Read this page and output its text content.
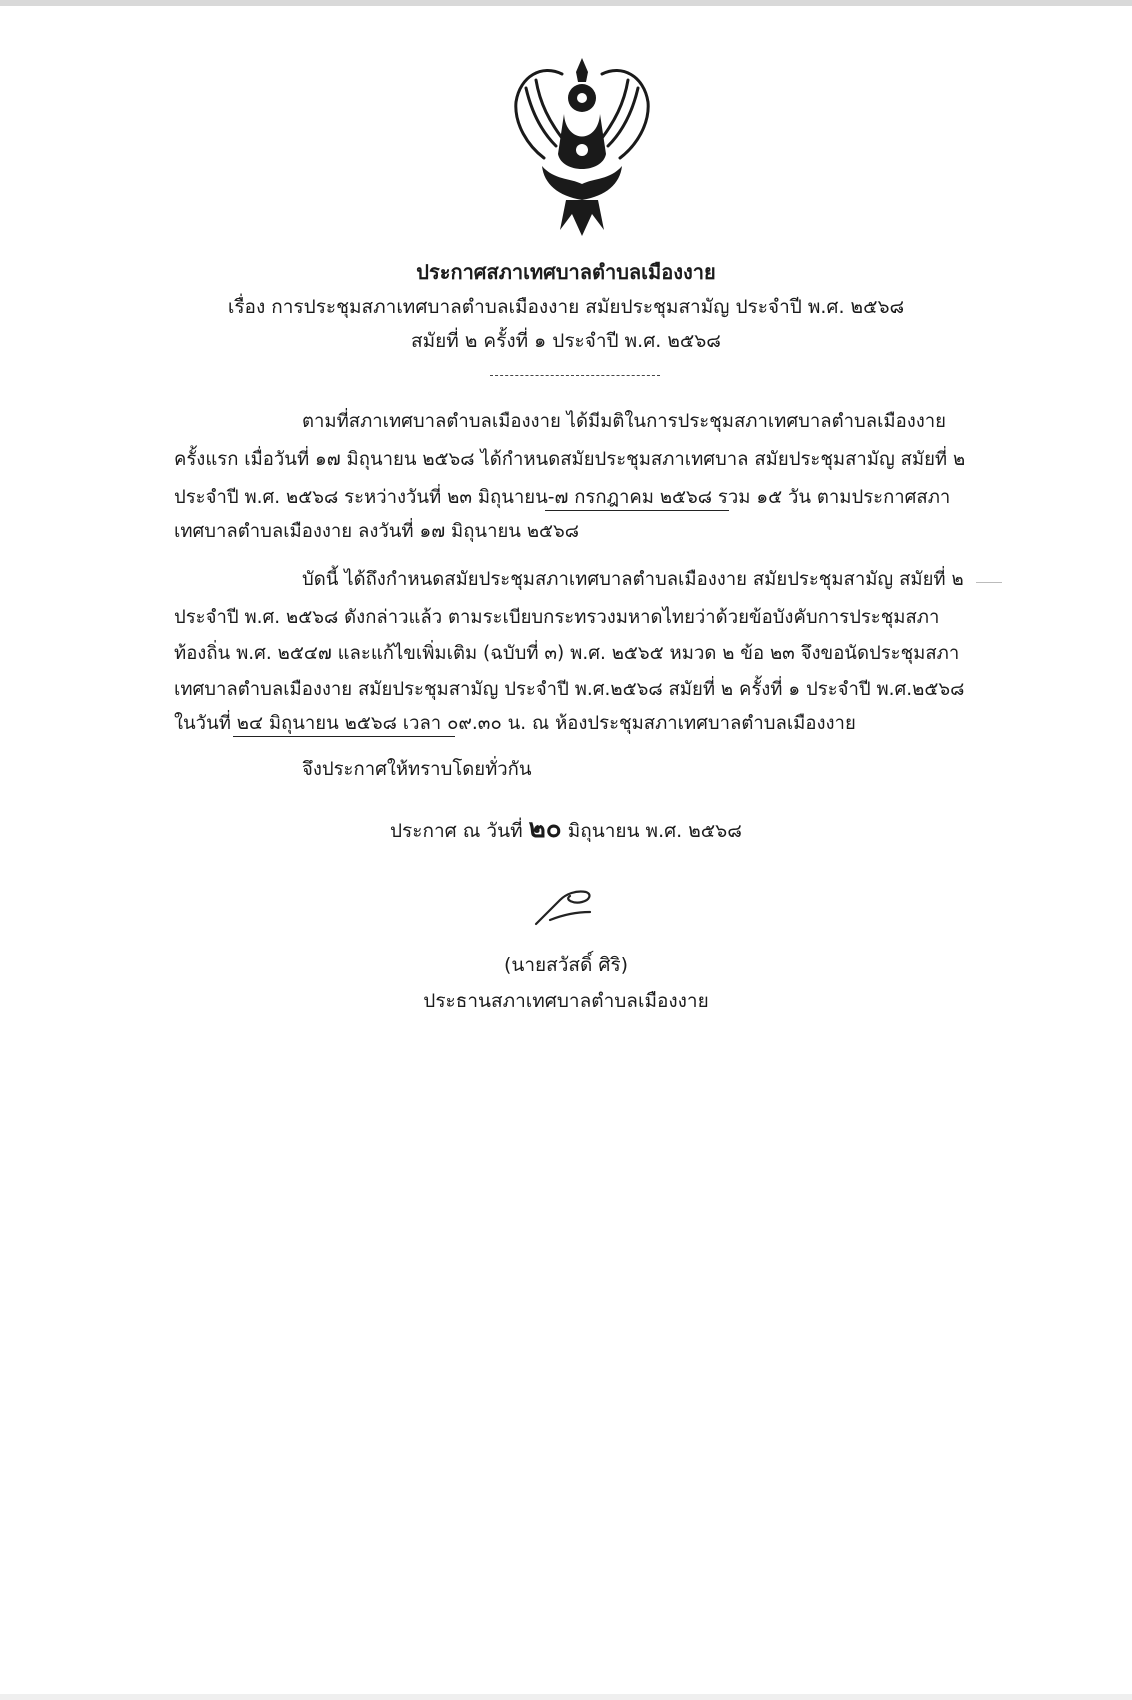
ประกาศสภาเทศบาลตำบลเมืองงาย
เรื่อง การประชุมสภาเทศบาลตำบลเมืองงาย สมัยประชุมสามัญ ประจำปี พ.ศ. ๒๕๖๘
สมัยที่ ๒ ครั้งที่ ๑ ประจำปี พ.ศ. ๒๕๖๘
ตามที่สภาเทศบาลตำบลเมืองงาย ได้มีมติในการประชุมสภาเทศบาลตำบลเมืองงาย
ครั้งแรก เมื่อวันที่ ๑๗ มิถุนายน ๒๕๖๘ ได้กำหนดสมัยประชุมสภาเทศบาล สมัยประชุมสามัญ สมัยที่ ๒
ประจำปี พ.ศ. ๒๕๖๘ ระหว่างวันที่ ๒๓ มิถุนายน-๗ กรกฎาคม ๒๕๖๘ รวม ๑๕ วัน ตามประกาศสภา
เทศบาลตำบลเมืองงาย ลงวันที่ ๑๗ มิถุนายน ๒๕๖๘
บัดนี้ ได้ถึงกำหนดสมัยประชุมสภาเทศบาลตำบลเมืองงาย สมัยประชุมสามัญ สมัยที่ ๒
ประจำปี พ.ศ. ๒๕๖๘ ดังกล่าวแล้ว ตามระเบียบกระทรวงมหาดไทยว่าด้วยข้อบังคับการประชุมสภา
ท้องถิ่น พ.ศ. ๒๕๔๗ และแก้ไขเพิ่มเติม (ฉบับที่ ๓) พ.ศ. ๒๕๖๕ หมวด ๒ ข้อ ๒๓ จึงขอนัดประชุมสภา
เทศบาลตำบลเมืองงาย สมัยประชุมสามัญ ประจำปี พ.ศ.๒๕๖๘ สมัยที่ ๒ ครั้งที่ ๑ ประจำปี พ.ศ.๒๕๖๘
ในวันที่ ๒๔ มิถุนายน ๒๕๖๘ เวลา ๐๙.๓๐ น. ณ ห้องประชุมสภาเทศบาลตำบลเมืองงาย
จึงประกาศให้ทราบโดยทั่วกัน
ประกาศ ณ วันที่ ๒๐ มิถุนายน พ.ศ. ๒๕๖๘
(นายสวัสดิ์ ศิริ)
ประธานสภาเทศบาลตำบลเมืองงาย
